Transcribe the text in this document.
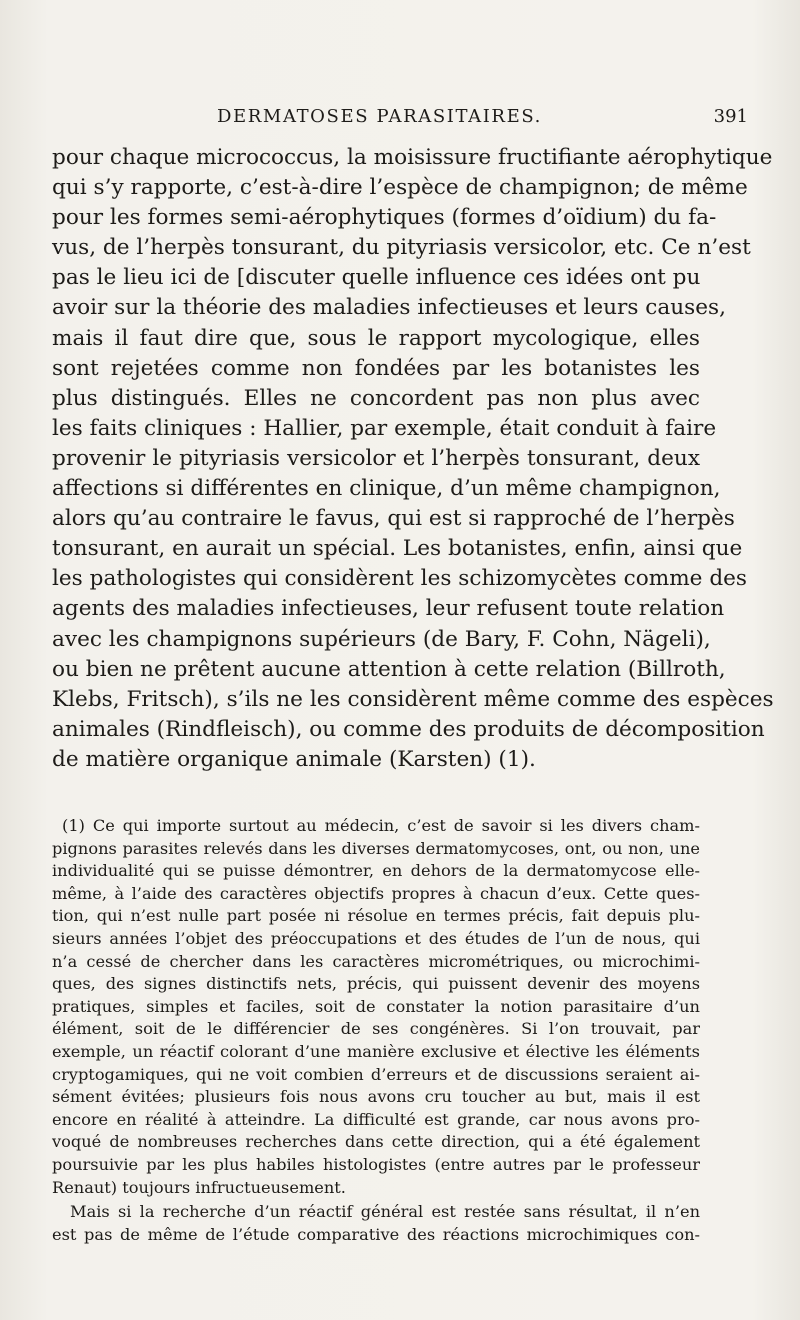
DERMATOSES PARASITAIRES.	391
pour chaque micrococcus, la moisissure fructifiante aérophytique
qui s’y rapporte, c’est-à-dire l’espèce de champignon; de même
pour les formes semi-aérophytiques (formes d’oïdium) du fa-
vus, de l’herpès tonsurant, du pityriasis versicolor, etc. Ce n’est
pas le lieu ici de [discuter quelle influence ces idées ont pu
avoir sur la théorie des maladies infectieuses et leurs causes,
mais il faut dire que, sous le rapport mycologique, elles
sont rejetées comme non fondées par les botanistes les
plus distingués. Elles ne concordent pas non plus avec
les faits cliniques : Hallier, par exemple, était conduit à faire
provenir le pityriasis versicolor et l’herpès tonsurant, deux
affections si différentes en clinique, d’un même champignon,
alors qu’au contraire le favus, qui est si rapproché de l’herpès
tonsurant, en aurait un spécial. Les botanistes, enfin, ainsi que
les pathologistes qui considèrent les schizomycètes comme des
agents des maladies infectieuses, leur refusent toute relation
avec les champignons supérieurs (de Bary, F. Cohn, Nägeli),
ou bien ne prêtent aucune attention à cette relation (Billroth,
Klebs, Fritsch), s’ils ne les considèrent même comme des espèces
animales (Rindfleisch), ou comme des produits de décomposition
de matière organique animale (Karsten) (1).
(1) Ce qui importe surtout au médecin, c’est de savoir si les divers cham-
pignons parasites relevés dans les diverses dermatomycoses, ont, ou non, une
individualité qui se puisse démontrer, en dehors de la dermatomycose elle-
même, à l’aide des caractères objectifs propres à chacun d’eux. Cette ques-
tion, qui n’est nulle part posée ni résolue en termes précis, fait depuis plu-
sieurs années l’objet des préoccupations et des études de l’un de nous, qui
n’a cessé de chercher dans les caractères micrométriques, ou microchimi-
ques, des signes distinctifs nets, précis, qui puissent devenir des moyens
pratiques, simples et faciles, soit de constater la notion parasitaire d’un
élément, soit de le différencier de ses congénères. Si l’on trouvait, par
exemple, un réactif colorant d’une manière exclusive et élective les éléments
cryptogamiques, qui ne voit combien d’erreurs et de discussions seraient ai-
sément évitées; plusieurs fois nous avons cru toucher au but, mais il est
encore en réalité à atteindre. La difficulté est grande, car nous avons pro-
voqué de nombreuses recherches dans cette direction, qui a été également
poursuivie par les plus habiles histologistes (entre autres par le professeur
Renaut) toujours infructueusement.
Mais si la recherche d’un réactif général est restée sans résultat, il n’en
est pas de même de l’étude comparative des réactions microchimiques con-
